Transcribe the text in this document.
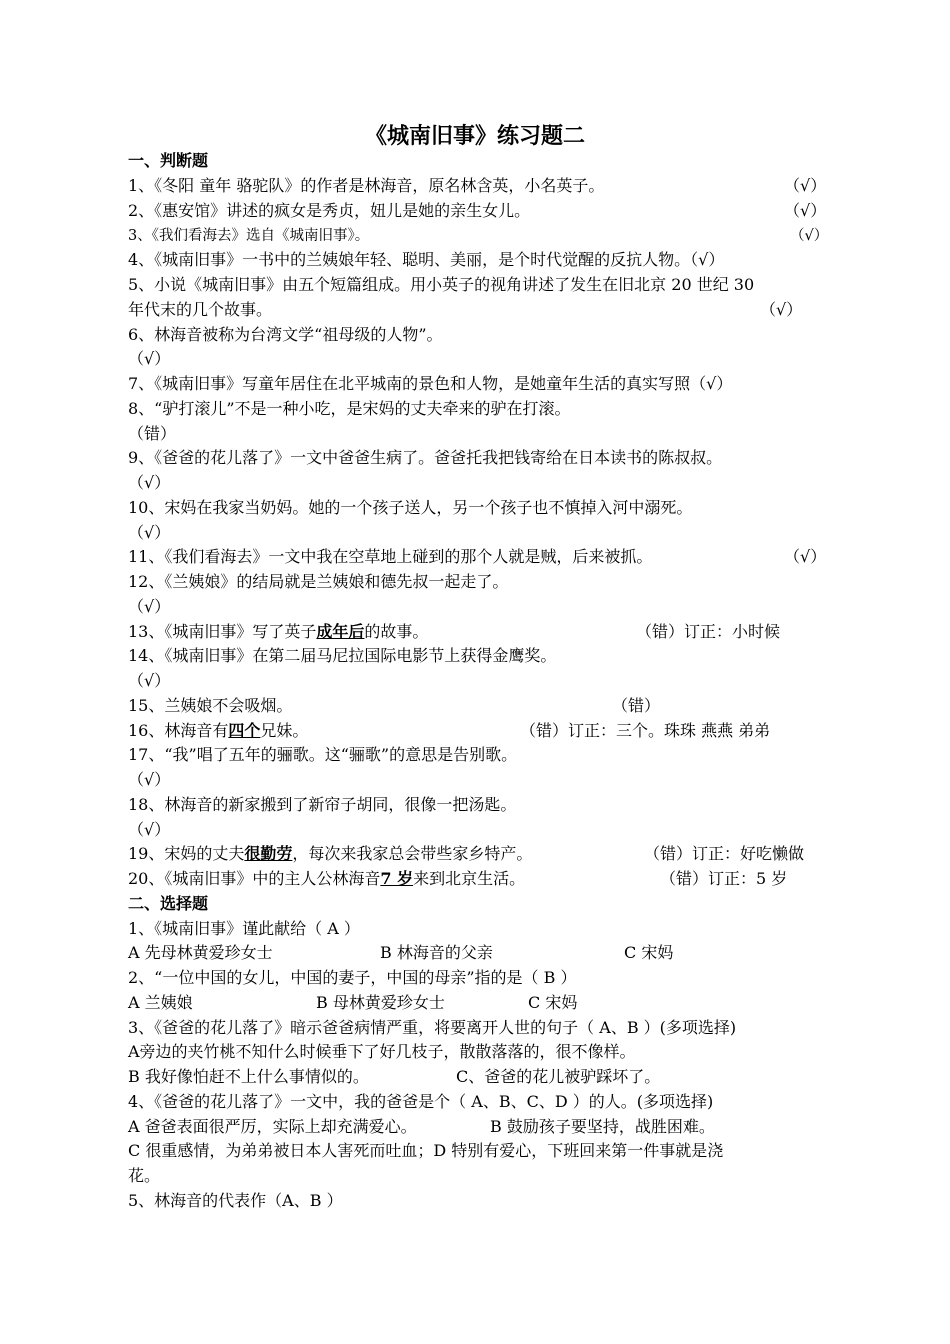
《城南旧事》练习题二
一、判断题
1、《冬阳 童年 骆驼队》的作者是林海音，原名林含英，小名英子。	（√）
2、《惠安馆》讲述的疯女是秀贞，妞儿是她的亲生女儿。	（√）
3、《我们看海去》选自《城南旧事》。	（√）
4、《城南旧事》一书中的兰姨娘年轻、聪明、美丽，是个时代觉醒的反抗人物。（√）
5、小说《城南旧事》由五个短篇组成。用小英子的视角讲述了发生在旧北京 20 世纪 30
年代末的几个故事。	（√）
6、林海音被称为台湾文学“祖母级的人物”。
（√）
7、《城南旧事》写童年居住在北平城南的景色和人物，是她童年生活的真实写照（√）
8、“驴打滚儿”不是一种小吃，是宋妈的丈夫牵来的驴在打滚。
（错）
9、《爸爸的花儿落了》一文中爸爸生病了。爸爸托我把钱寄给在日本读书的陈叔叔。
（√）
10、宋妈在我家当奶妈。她的一个孩子送人，另一个孩子也不慎掉入河中溺死。
（√）
11、《我们看海去》一文中我在空草地上碰到的那个人就是贼，后来被抓。	（√）
12、《兰姨娘》的结局就是兰姨娘和德先叔一起走了。
（√）
13、《城南旧事》写了英子成年后的故事。	（错）订正：小时候
14、《城南旧事》在第二届马尼拉国际电影节上获得金鹰奖。
（√）
15、兰姨娘不会吸烟。	（错）
16、林海音有四个兄妹。	（错）订正：三个。珠珠 燕燕 弟弟
17、“我”唱了五年的骊歌。这“骊歌”的意思是告别歌。
（√）
18、林海音的新家搬到了新帘子胡同，很像一把汤匙。
（√）
19、宋妈的丈夫很勤劳，每次来我家总会带些家乡特产。	（错）订正：好吃懒做
20、《城南旧事》中的主人公林海音7 岁来到北京生活。	（错）订正：5 岁
二、选择题
1、《城南旧事》谨此献给（ A ）
A 先母林黄爱珍女士	B 林海音的父亲	C 宋妈
2、“一位中国的女儿，中国的妻子，中国的母亲”指的是（ B ）
A 兰姨娘	B 母林黄爱珍女士	C 宋妈
3、《爸爸的花儿落了》暗示爸爸病情严重，将要离开人世的句子（ A、B ）(多项选择)
A旁边的夹竹桃不知什么时候垂下了好几枝子，散散落落的，很不像样。
B 我好像怕赶不上什么事情似的。	C、爸爸的花儿被驴踩坏了。
4、《爸爸的花儿落了》一文中，我的爸爸是个（ A、B、C、D ）的人。(多项选择)
A 爸爸表面很严厉，实际上却充满爱心。	B 鼓励孩子要坚持，战胜困难。
C 很重感情，为弟弟被日本人害死而吐血；D 特别有爱心，下班回来第一件事就是浇
花。
5、林海音的代表作（A、B ）
